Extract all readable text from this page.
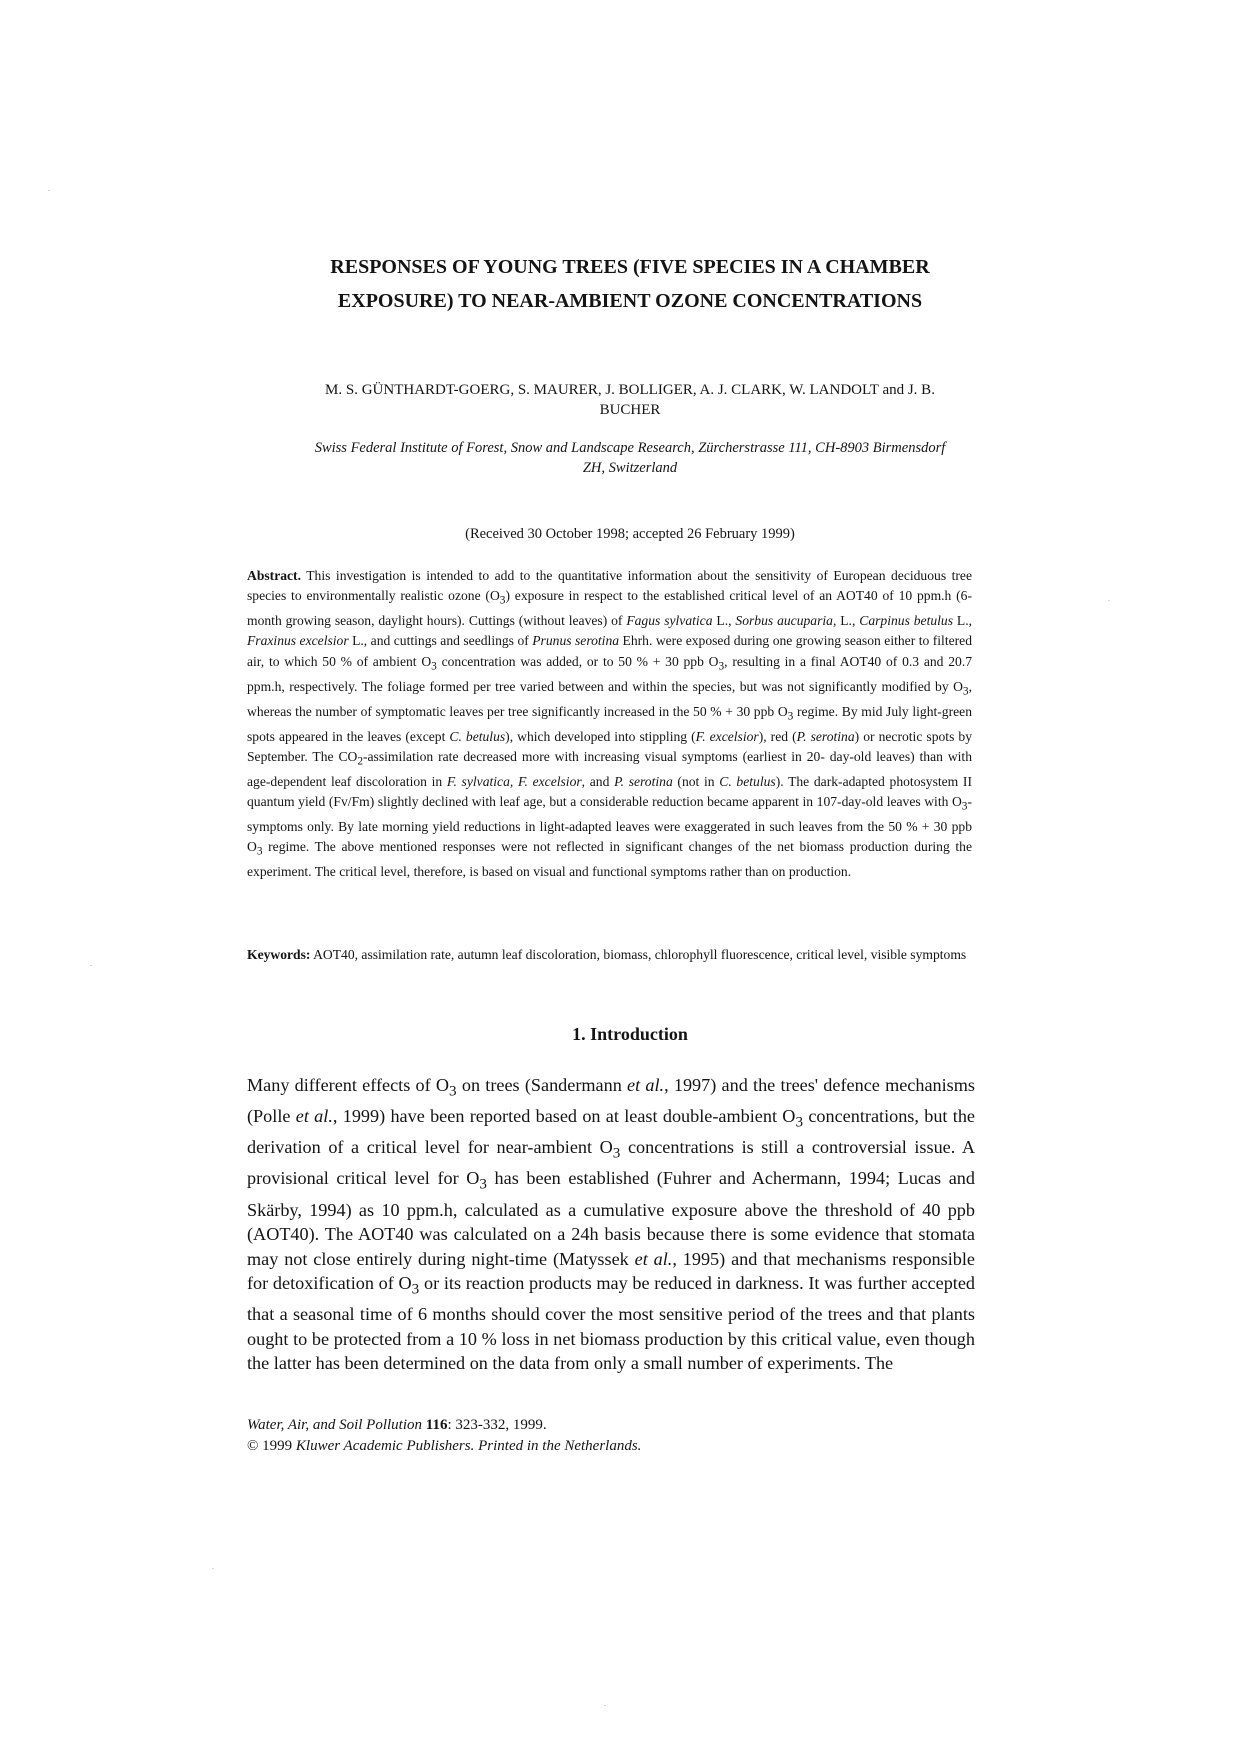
RESPONSES OF YOUNG TREES (FIVE SPECIES IN A CHAMBER
EXPOSURE) TO NEAR-AMBIENT OZONE CONCENTRATIONS
M. S. GÜNTHARDT-GOERG, S. MAURER, J. BOLLIGER, A. J. CLARK, W. LANDOLT and J. B.
BUCHER
Swiss Federal Institute of Forest, Snow and Landscape Research, Zürcherstrasse 111, CH-8903 Birmensdorf
ZH, Switzerland
(Received 30 October 1998; accepted 26 February 1999)
Abstract. This investigation is intended to add to the quantitative information about the sensitivity of European deciduous tree species to environmentally realistic ozone $(O_3)$ exposure in respect to the established critical level of an AOT40 of 10 ppm.h (6-month growing season, daylight hours). Cuttings (without leaves) of Fagus sylvatica L., Sorbus aucuparia, L., Carpinus betulus L., Fraxinus excelsior L., and cuttings and seedlings of Prunus serotina Ehrh. were exposed during one growing season either to filtered air, to which 50 % of ambient $O_3$ concentration was added, or to 50 % + 30 ppb $O_3$, resulting in a final AOT40 of 0.3 and 20.7 ppm.h, respectively. The foliage formed per tree varied between and within the species, but was not significantly modified by $O_3$, whereas the number of symptomatic leaves per tree significantly increased in the 50 % + 30 ppb $O_3$ regime. By mid July light-green spots appeared in the leaves (except C. betulus), which developed into stippling (F. excelsior), red (P. serotina) or necrotic spots by September. The $CO_2$-assimilation rate decreased more with increasing visual symptoms (earliest in 20- day-old leaves) than with age-dependent leaf discoloration in F. sylvatica, F. excelsior, and P. serotina (not in C. betulus). The dark-adapted photosystem II quantum yield (Fv/Fm) slightly declined with leaf age, but a considerable reduction became apparent in 107-day-old leaves with $O_3$-symptoms only. By late morning yield reductions in light-adapted leaves were exaggerated in such leaves from the 50 % + 30 ppb $O_3$ regime. The above mentioned responses were not reflected in significant changes of the net biomass production during the experiment. The critical level, therefore, is based on visual and functional symptoms rather than on production.
Keywords: AOT40, assimilation rate, autumn leaf discoloration, biomass, chlorophyll fluorescence, critical level, visible symptoms
1. Introduction
Many different effects of $O_3$ on trees (Sandermann et al., 1997) and the trees' defence mechanisms (Polle et al., 1999) have been reported based on at least double-ambient $O_3$ concentrations, but the derivation of a critical level for near-ambient $O_3$ concentrations is still a controversial issue. A provisional critical level for $O_3$ has been established (Fuhrer and Achermann, 1994; Lucas and Skärby, 1994) as 10 ppm.h, calculated as a cumulative exposure above the threshold of 40 ppb (AOT40). The AOT40 was calculated on a 24h basis because there is some evidence that stomata may not close entirely during night-time (Matyssek et al., 1995) and that mechanisms responsible for detoxification of $O_3$ or its reaction products may be reduced in darkness. It was further accepted that a seasonal time of 6 months should cover the most sensitive period of the trees and that plants ought to be protected from a 10 % loss in net biomass production by this critical value, even though the latter has been determined on the data from only a small number of experiments. The
Water, Air, and Soil Pollution 116: 323-332, 1999.
© 1999 Kluwer Academic Publishers. Printed in the Netherlands.
